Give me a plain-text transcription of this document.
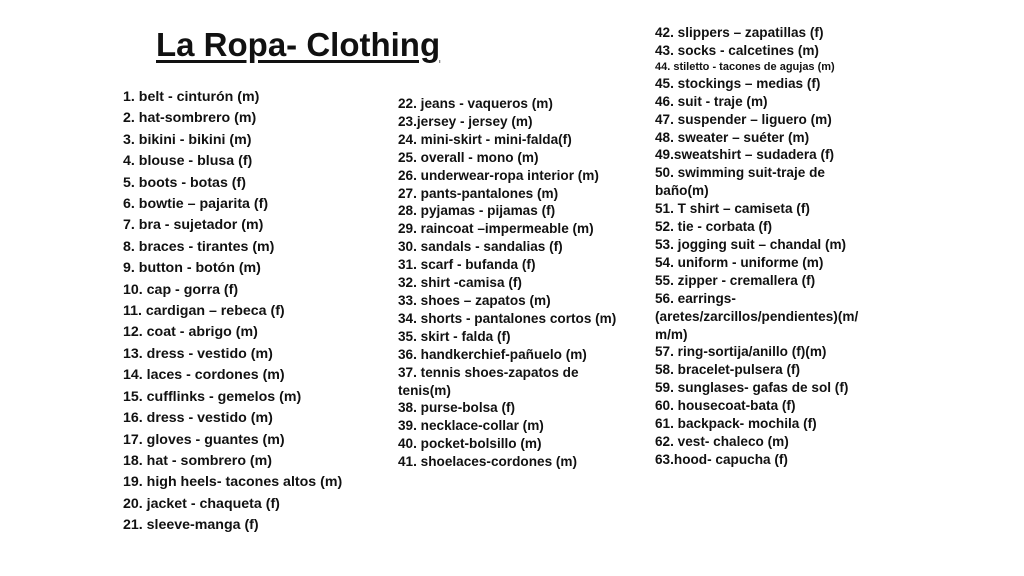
La Ropa- Clothing
1. belt - cinturón (m)
2. hat-sombrero (m)
3. bikini - bikini (m)
4. blouse - blusa (f)
5. boots - botas (f)
6. bowtie – pajarita (f)
7. bra - sujetador (m)
8. braces - tirantes (m)
9. button - botón (m)
10. cap - gorra (f)
11. cardigan – rebeca (f)
12. coat - abrigo (m)
13. dress - vestido (m)
14. laces - cordones (m)
15. cufflinks - gemelos (m)
16. dress - vestido (m)
17. gloves - guantes (m)
18. hat - sombrero (m)
19. high heels- tacones altos (m)
20. jacket - chaqueta (f)
21. sleeve-manga (f)
22. jeans - vaqueros (m)
23.jersey - jersey (m)
24. mini-skirt - mini-falda(f)
25. overall - mono (m)
26. underwear-ropa interior (m)
27. pants-pantalones (m)
28. pyjamas - pijamas (f)
29. raincoat –impermeable (m)
30. sandals - sandalias (f)
31. scarf - bufanda (f)
32. shirt -camisa (f)
33. shoes – zapatos (m)
34. shorts - pantalones cortos (m)
35. skirt - falda (f)
36. handkerchief-pañuelo (m)
37. tennis shoes-zapatos de
tenis(m)
38. purse-bolsa (f)
39. necklace-collar (m)
40. pocket-bolsillo (m)
41. shoelaces-cordones (m)
42. slippers – zapatillas (f)
43. socks - calcetines (m)
44. stiletto - tacones de agujas (m)
45. stockings – medias (f)
46. suit - traje (m)
47. suspender – liguero (m)
48. sweater – suéter (m)
49.sweatshirt – sudadera (f)
50. swimming suit-traje de
baño(m)
51. T shirt – camiseta (f)
52. tie - corbata (f)
53. jogging suit – chandal (m)
54. uniform - uniforme (m)
55. zipper - cremallera (f)
56. earrings-
(aretes/zarcillos/pendientes)(m/
m/m)
57. ring-sortija/anillo (f)(m)
58. bracelet-pulsera (f)
59. sunglases- gafas de sol (f)
60. housecoat-bata (f)
61. backpack- mochila (f)
62. vest- chaleco (m)
63.hood- capucha (f)
